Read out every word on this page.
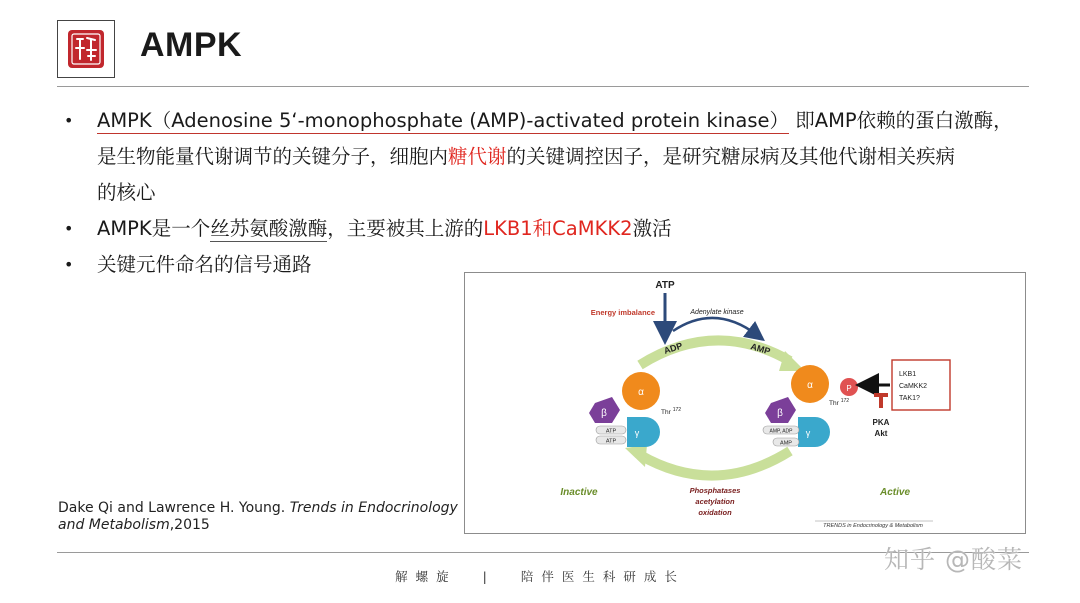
AMPK
• AMPK（Adenosine 5‘-monophosphate (AMP)-activated protein kinase） 即AMP依赖的蛋白激酶，
是生物能量代谢调节的关键分子，细胞内糖代谢的关键调控因子，是研究糖尿病及其他代谢相关疾病
的核心
• AMPK是一个丝苏氨酸激酶，主要被其上游的LKB1和CaMKK2激活
• 关键元件命名的信号通路
ATP
Energy imbalance	Adenylate kinase
ADP	AMP
α
β
γ
ATP
ATP
Thr $^{172}$
α	P
β
γ
AMP, ADP
AMP
Thr $^{172}$
LKB1
CaMKK2
TAK1?
PKA
Akt
Inactive	Active
Phosphatases
acetylation
oxidation
TRENDS in Endocrinology & Metabolism
Dake Qi and Lawrence H. Young. Trends in Endocrinology
and Metabolism,2015
解螺旋 | 陪伴医生科研成长
知乎 @酸菜
